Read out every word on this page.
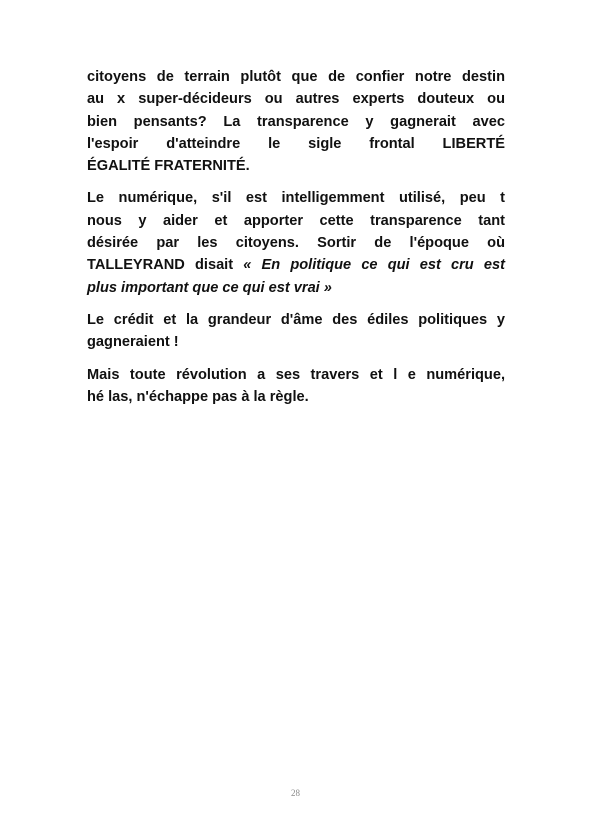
citoyens de terrain plutôt que de confier notre destin
au x super-décideurs ou autres experts douteux ou
bien pensants? La transparence y gagnerait avec
l'espoir d'atteindre le sigle frontal LIBERTÉ
ÉGALITÉ FRATERNITÉ.
Le numérique, s'il est intelligemment utilisé, peu t
nous y aider et apporter cette transparence tant
désirée par les citoyens. Sortir de l'époque où
TALLEYRAND disait « En politique ce qui est cru est
plus important que ce qui est vrai »
Le crédit et la grandeur d'âme des édiles politiques y
gagneraient !
Mais toute révolution a ses travers et l e numérique,
hé las, n'échappe pas à la règle.
28
